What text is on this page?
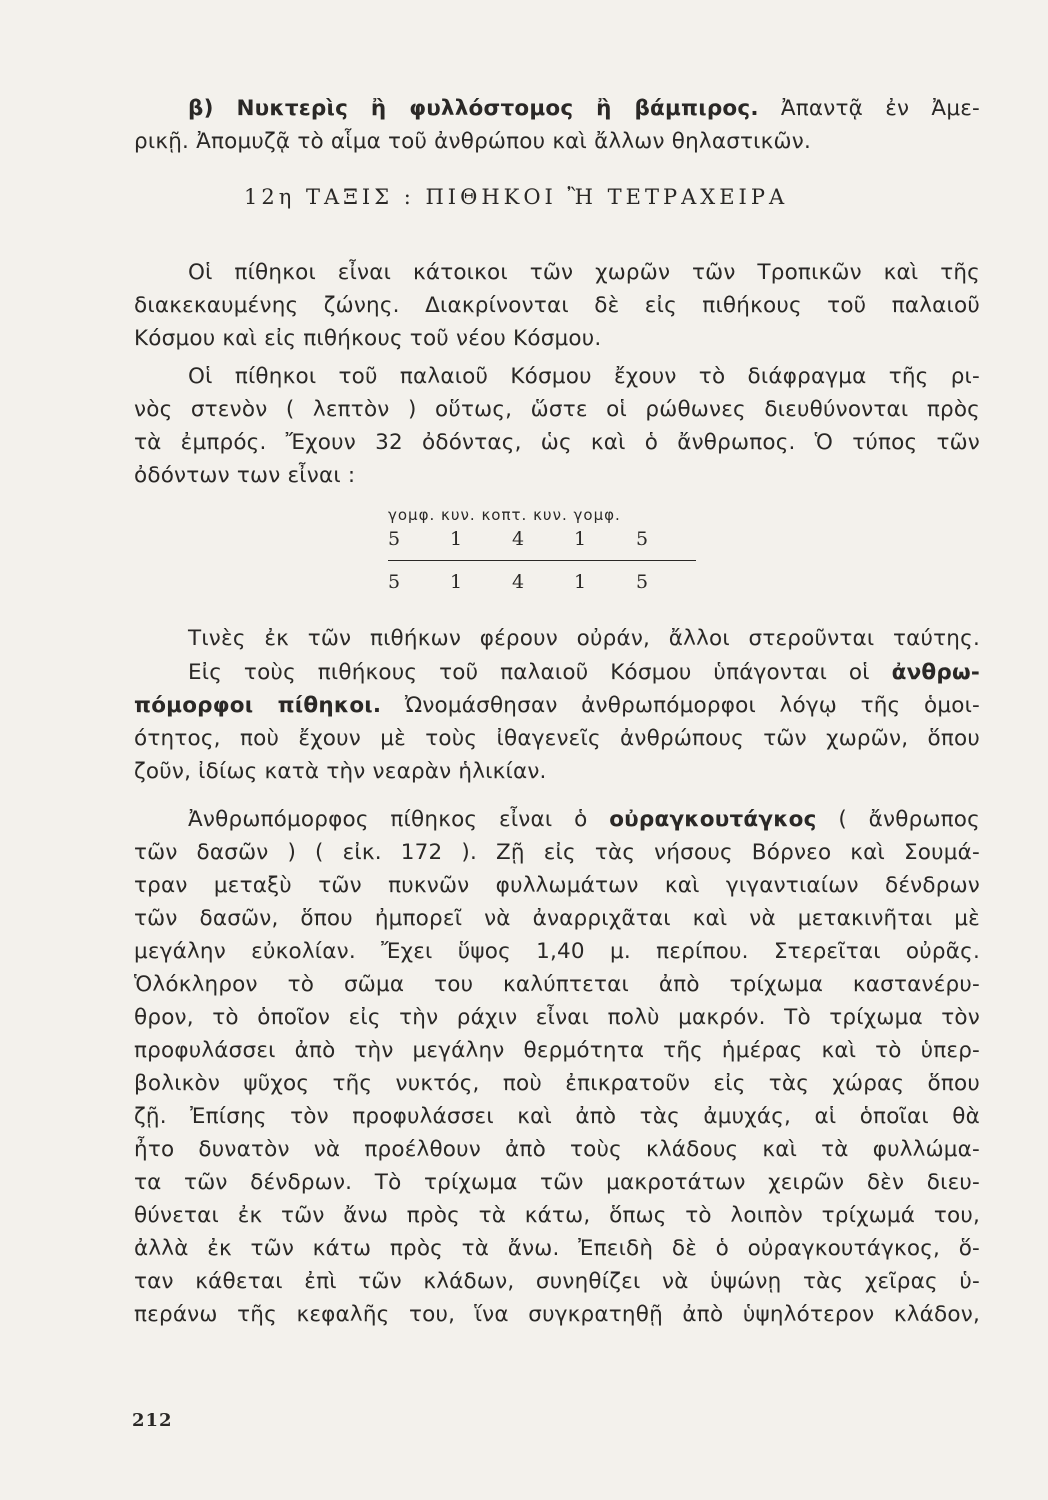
β) Νυκτερὶς ἢ φυλλόστομος ἢ βάμπιρος. Ἀπαντᾷ ἐν Ἀμε-
ρικῇ. Ἀπομυζᾷ τὸ αἷμα τοῦ ἀνθρώπου καὶ ἄλλων θηλαστικῶν.
12η ΤΑΞΙΣ : ΠΙΘΗΚΟΙ Ἢ ΤΕΤΡΑΧΕΙΡΑ
Οἱ πίθηκοι εἶναι κάτοικοι τῶν χωρῶν τῶν Τροπικῶν καὶ τῆς
διακεκαυμένης ζώνης. Διακρίνονται δὲ εἰς πιθήκους τοῦ παλαιοῦ
Κόσμου καὶ εἰς πιθήκους τοῦ νέου Κόσμου.
Οἱ πίθηκοι τοῦ παλαιοῦ Κόσμου ἔχουν τὸ διάφραγμα τῆς ρι-
νὸς στενὸν ( λεπτὸν ) οὕτως, ὥστε οἱ ρώθωνες διευθύνονται πρὸς
τὰ ἐμπρός. Ἔχουν 32 ὀδόντας, ὡς καὶ ὁ ἄνθρωπος. Ὁ τύπος τῶν
ὀδόντων των εἶναι :
γομφ. κυν. κοπτ. κυν. γομφ.
5	1	4	1	5
5	1	4	1	5
Τινὲς ἐκ τῶν πιθήκων φέρουν οὐράν, ἄλλοι στεροῦνται ταύτης.
Εἰς τοὺς πιθήκους τοῦ παλαιοῦ Κόσμου ὑπάγονται οἱ ἀνθρω-
πόμορφοι πίθηκοι. Ὠνομάσθησαν ἀνθρωπόμορφοι λόγῳ τῆς ὁμοι-
ότητος, ποὺ ἔχουν μὲ τοὺς ἰθαγενεῖς ἀνθρώπους τῶν χωρῶν, ὅπου
ζοῦν, ἰδίως κατὰ τὴν νεαρὰν ἡλικίαν.
Ἀνθρωπόμορφος πίθηκος εἶναι ὁ οὐραγκουτάγκος ( ἄνθρωπος
τῶν δασῶν ) ( εἰκ. 172 ). Ζῇ εἰς τὰς νήσους Βόρνεο καὶ Σουμά-
τραν μεταξὺ τῶν πυκνῶν φυλλωμάτων καὶ γιγαντιαίων δένδρων
τῶν δασῶν, ὅπου ἠμπορεῖ νὰ ἀναρριχᾶται καὶ νὰ μετακινῆται μὲ
μεγάλην εὐκολίαν. Ἔχει ὕψος 1,40 μ. περίπου. Στερεῖται οὐρᾶς.
Ὁλόκληρον τὸ σῶμα του καλύπτεται ἀπὸ τρίχωμα καστανέρυ-
θρον, τὸ ὁποῖον εἰς τὴν ράχιν εἶναι πολὺ μακρόν. Τὸ τρίχωμα τὸν
προφυλάσσει ἀπὸ τὴν μεγάλην θερμότητα τῆς ἡμέρας καὶ τὸ ὑπερ-
βολικὸν ψῦχος τῆς νυκτός, ποὺ ἐπικρατοῦν εἰς τὰς χώρας ὅπου
ζῇ. Ἐπίσης τὸν προφυλάσσει καὶ ἀπὸ τὰς ἀμυχάς, αἱ ὁποῖαι θὰ
ἦτο δυνατὸν νὰ προέλθουν ἀπὸ τοὺς κλάδους καὶ τὰ φυλλώμα-
τα τῶν δένδρων. Τὸ τρίχωμα τῶν μακροτάτων χειρῶν δὲν διευ-
θύνεται ἐκ τῶν ἄνω πρὸς τὰ κάτω, ὅπως τὸ λοιπὸν τρίχωμά του,
ἀλλὰ ἐκ τῶν κάτω πρὸς τὰ ἄνω. Ἐπειδὴ δὲ ὁ οὐραγκουτάγκος, ὅ-
ταν κάθεται ἐπὶ τῶν κλάδων, συνηθίζει νὰ ὑψώνῃ τὰς χεῖρας ὑ-
περάνω τῆς κεφαλῆς του, ἵνα συγκρατηθῇ ἀπὸ ὑψηλότερον κλάδον,
212
